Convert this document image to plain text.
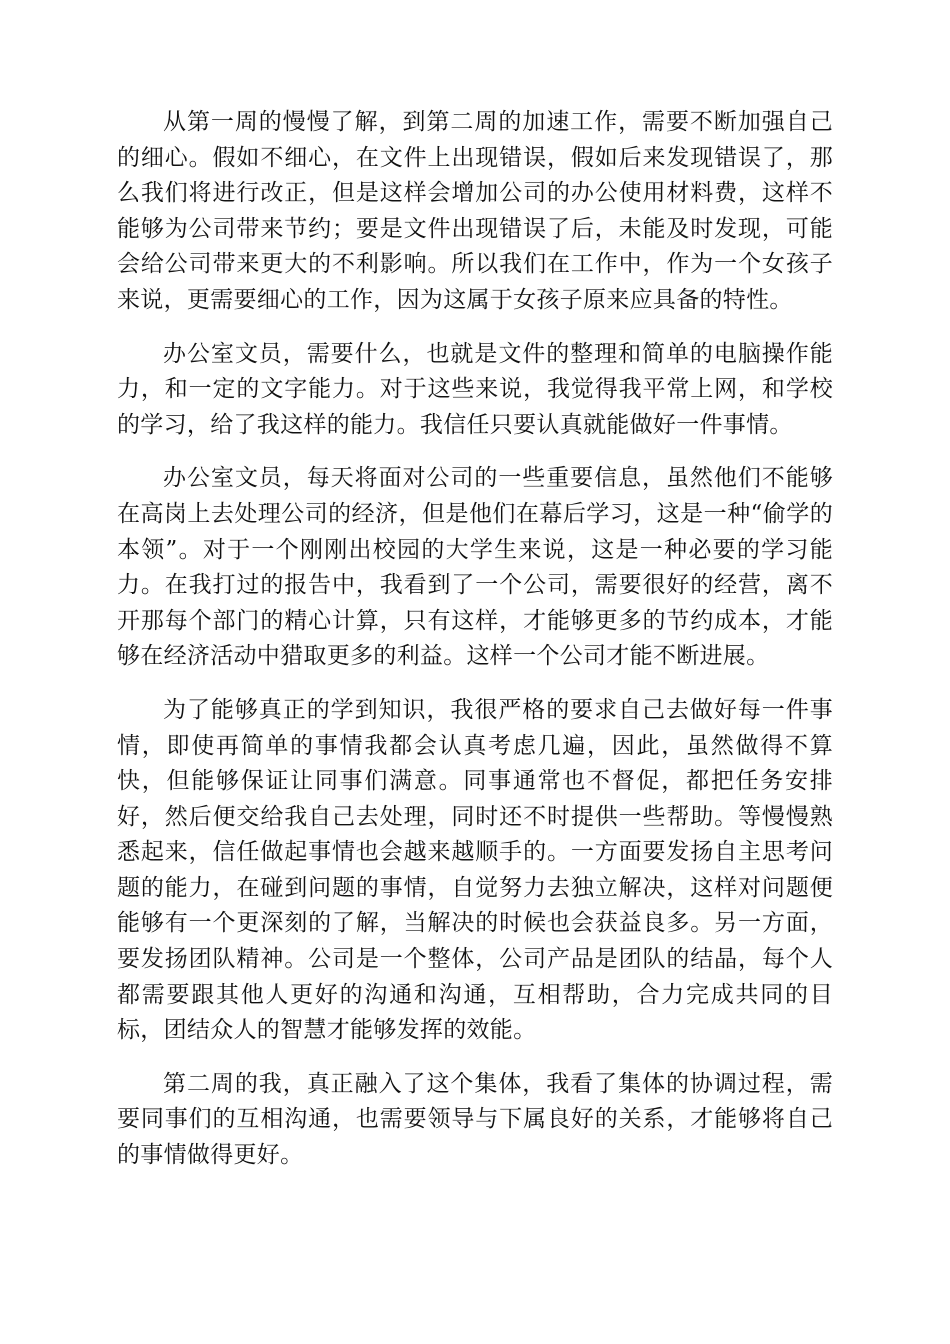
从第一周的慢慢了解，到第二周的加速工作，需要不断加强自己的细心。假如不细心，在文件上出现错误，假如后来发现错误了，那么我们将进行改正，但是这样会增加公司的办公使用材料费，这样不能够为公司带来节约；要是文件出现错误了后，未能及时发现，可能会给公司带来更大的不利影响。所以我们在工作中，作为一个女孩子来说，更需要细心的工作，因为这属于女孩子原来应具备的特性。

办公室文员，需要什么，也就是文件的整理和简单的电脑操作能力，和一定的文字能力。对于这些来说，我觉得我平常上网，和学校的学习，给了我这样的能力。我信任只要认真就能做好一件事情。

办公室文员，每天将面对公司的一些重要信息，虽然他们不能够在高岗上去处理公司的经济，但是他们在幕后学习，这是一种“偷学的本领”。对于一个刚刚出校园的大学生来说，这是一种必要的学习能力。在我打过的报告中，我看到了一个公司，需要很好的经营，离不开那每个部门的精心计算，只有这样，才能够更多的节约成本，才能够在经济活动中猎取更多的利益。这样一个公司才能不断进展。

为了能够真正的学到知识，我很严格的要求自己去做好每一件事情，即使再简单的事情我都会认真考虑几遍，因此，虽然做得不算快，但能够保证让同事们满意。同事通常也不督促，都把任务安排好，然后便交给我自己去处理，同时还不时提供一些帮助。等慢慢熟悉起来，信任做起事情也会越来越顺手的。一方面要发扬自主思考问题的能力，在碰到问题的事情，自觉努力去独立解决，这样对问题便能够有一个更深刻的了解，当解决的时候也会获益良多。另一方面，要发扬团队精神。公司是一个整体，公司产品是团队的结晶，每个人都需要跟其他人更好的沟通和沟通，互相帮助，合力完成共同的目标，团结众人的智慧才能够发挥的效能。

第二周的我，真正融入了这个集体，我看了集体的协调过程，需要同事们的互相沟通，也需要领导与下属良好的关系，才能够将自己的事情做得更好。
